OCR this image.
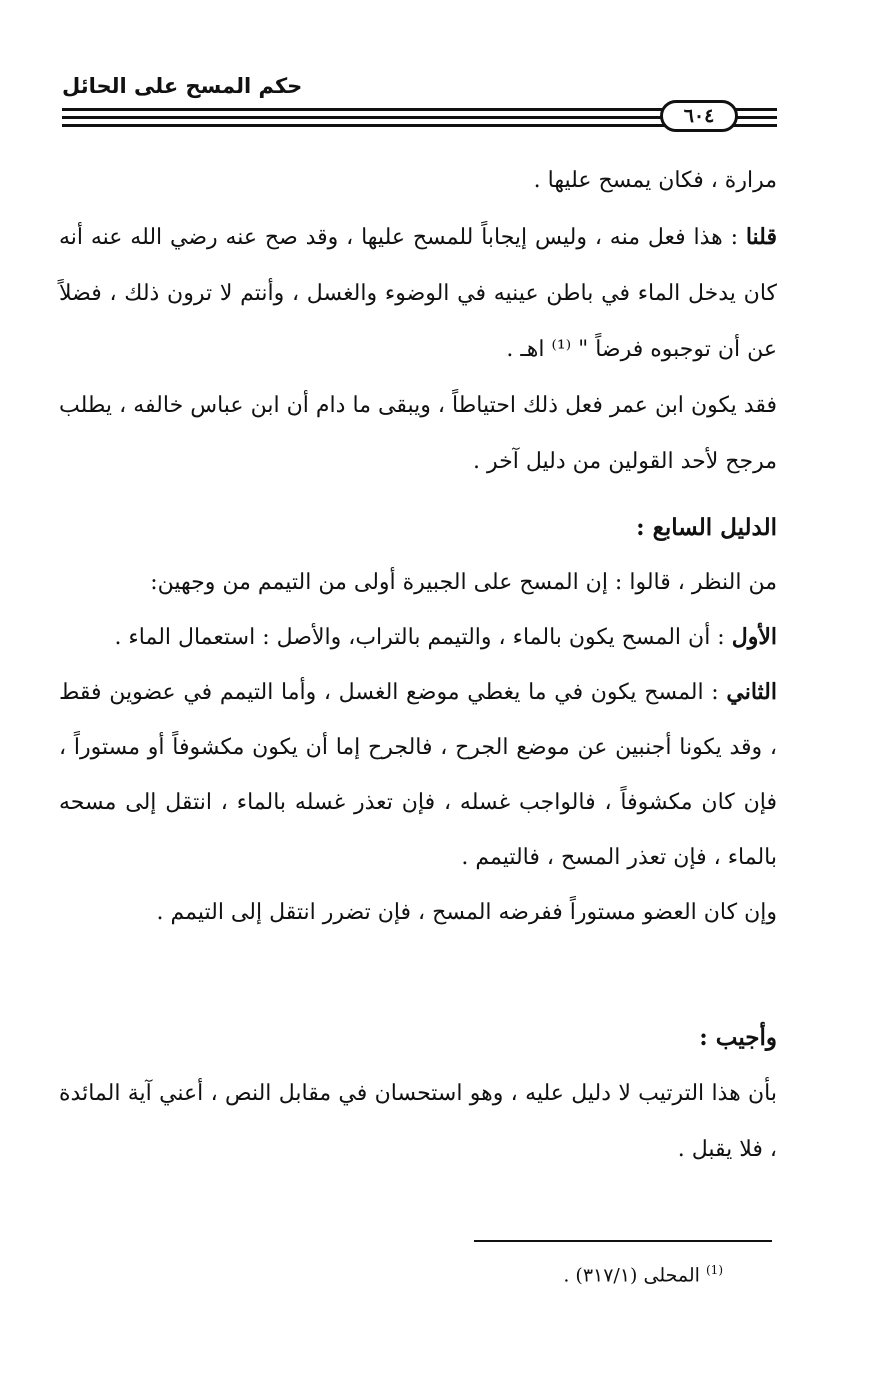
حكم المسح على الحائل
٦٠٤

مرارة ، فكان يمسح عليها .

قلنا : هذا فعل منه ، وليس إيجاباً للمسح عليها ، وقد صح عنه رضي الله عنه أنه كان يدخل الماء في باطن عينيه في الوضوء والغسل ، وأنتم لا ترون ذلك ، فضلاً عن أن توجبوه فرضاً " ⁽¹⁾ اهـ .

فقد يكون ابن عمر فعل ذلك احتياطاً ، ويبقى ما دام أن ابن عباس خالفه ، يطلب مرجح لأحد القولين من دليل آخر .

الدليل السابع :

من النظر ، قالوا : إن المسح على الجبيرة أولى من التيمم من وجهين:

الأول : أن المسح يكون بالماء ، والتيمم بالتراب، والأصل : استعمال الماء .

الثاني : المسح يكون في ما يغطي موضع الغسل ، وأما التيمم في عضوين فقط ، وقد يكونا أجنبين عن موضع الجرح ، فالجرح إما أن يكون مكشوفاً أو مستوراً ، فإن كان مكشوفاً ، فالواجب غسله ، فإن تعذر غسله بالماء ، انتقل إلى مسحه بالماء ، فإن تعذر المسح ، فالتيمم .

وإن كان العضو مستوراً ففرضه المسح ، فإن تضرر انتقل إلى التيمم .

وأجيب :

بأن هذا الترتيب لا دليل عليه ، وهو استحسان في مقابل النص ، أعني آية المائدة ، فلا يقبل .

$^{(1)}$ المحلى (٣١٧/١) .
